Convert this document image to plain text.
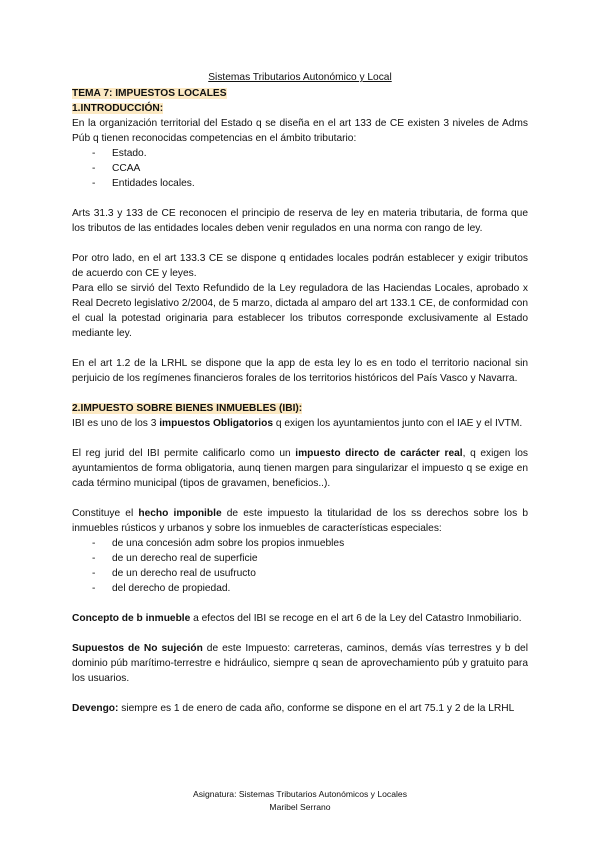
Sistemas Tributarios Autonómico y Local
TEMA 7: IMPUESTOS LOCALES
1.INTRODUCCIÓN:

En la organización territorial del Estado q se diseña en el art 133 de CE existen 3 niveles de Adms Púb q tienen reconocidas competencias en el ámbito tributario:

- Estado.
- CCAA
- Entidades locales.

Arts 31.3 y 133 de CE reconocen el principio de reserva de ley en materia tributaria, de forma que los tributos de las entidades locales deben venir regulados en una norma con rango de ley.

Por otro lado, en el art 133.3 CE se dispone q entidades locales podrán establecer y exigir tributos de acuerdo con CE y leyes.

Para ello se sirvió del Texto Refundido de la Ley reguladora de las Haciendas Locales, aprobado x Real Decreto legislativo 2/2004, de 5 marzo, dictada al amparo del art 133.1 CE, de conformidad con el cual la potestad originaria para establecer los tributos corresponde exclusivamente al Estado mediante ley.

En el art 1.2 de la LRHL se dispone que la app de esta ley lo es en todo el territorio nacional sin perjuicio de los regímenes financieros forales de los territorios históricos del País Vasco y Navarra.

2.IMPUESTO SOBRE BIENES INMUEBLES (IBI):

IBI es uno de los 3 impuestos Obligatorios q exigen los ayuntamientos junto con el IAE y el IVTM.

El reg jurid del IBI permite calificarlo como un impuesto directo de carácter real, q exigen los ayuntamientos de forma obligatoria, aunq tienen margen para singularizar el impuesto q se exige en cada término municipal (tipos de gravamen, beneficios..).

Constituye el hecho imponible de este impuesto la titularidad de los ss derechos sobre los b inmuebles rústicos y urbanos y sobre los inmuebles de características especiales:

- de una concesión adm sobre los propios inmuebles
- de un derecho real de superficie
- de un derecho real de usufructo
- del derecho de propiedad.

Concepto de b inmueble a efectos del IBI se recoge en el art 6 de la Ley del Catastro Inmobiliario.

Supuestos de No sujeción de este Impuesto: carreteras, caminos, demás vías terrestres y b del dominio púb marítimo-terrestre e hidráulico, siempre q sean de aprovechamiento púb y gratuito para los usuarios.

Devengo: siempre es 1 de enero de cada año, conforme se dispone en el art 75.1 y 2 de la LRHL

Asignatura: Sistemas Tributarios Autonómicos y Locales
Maribel Serrano
